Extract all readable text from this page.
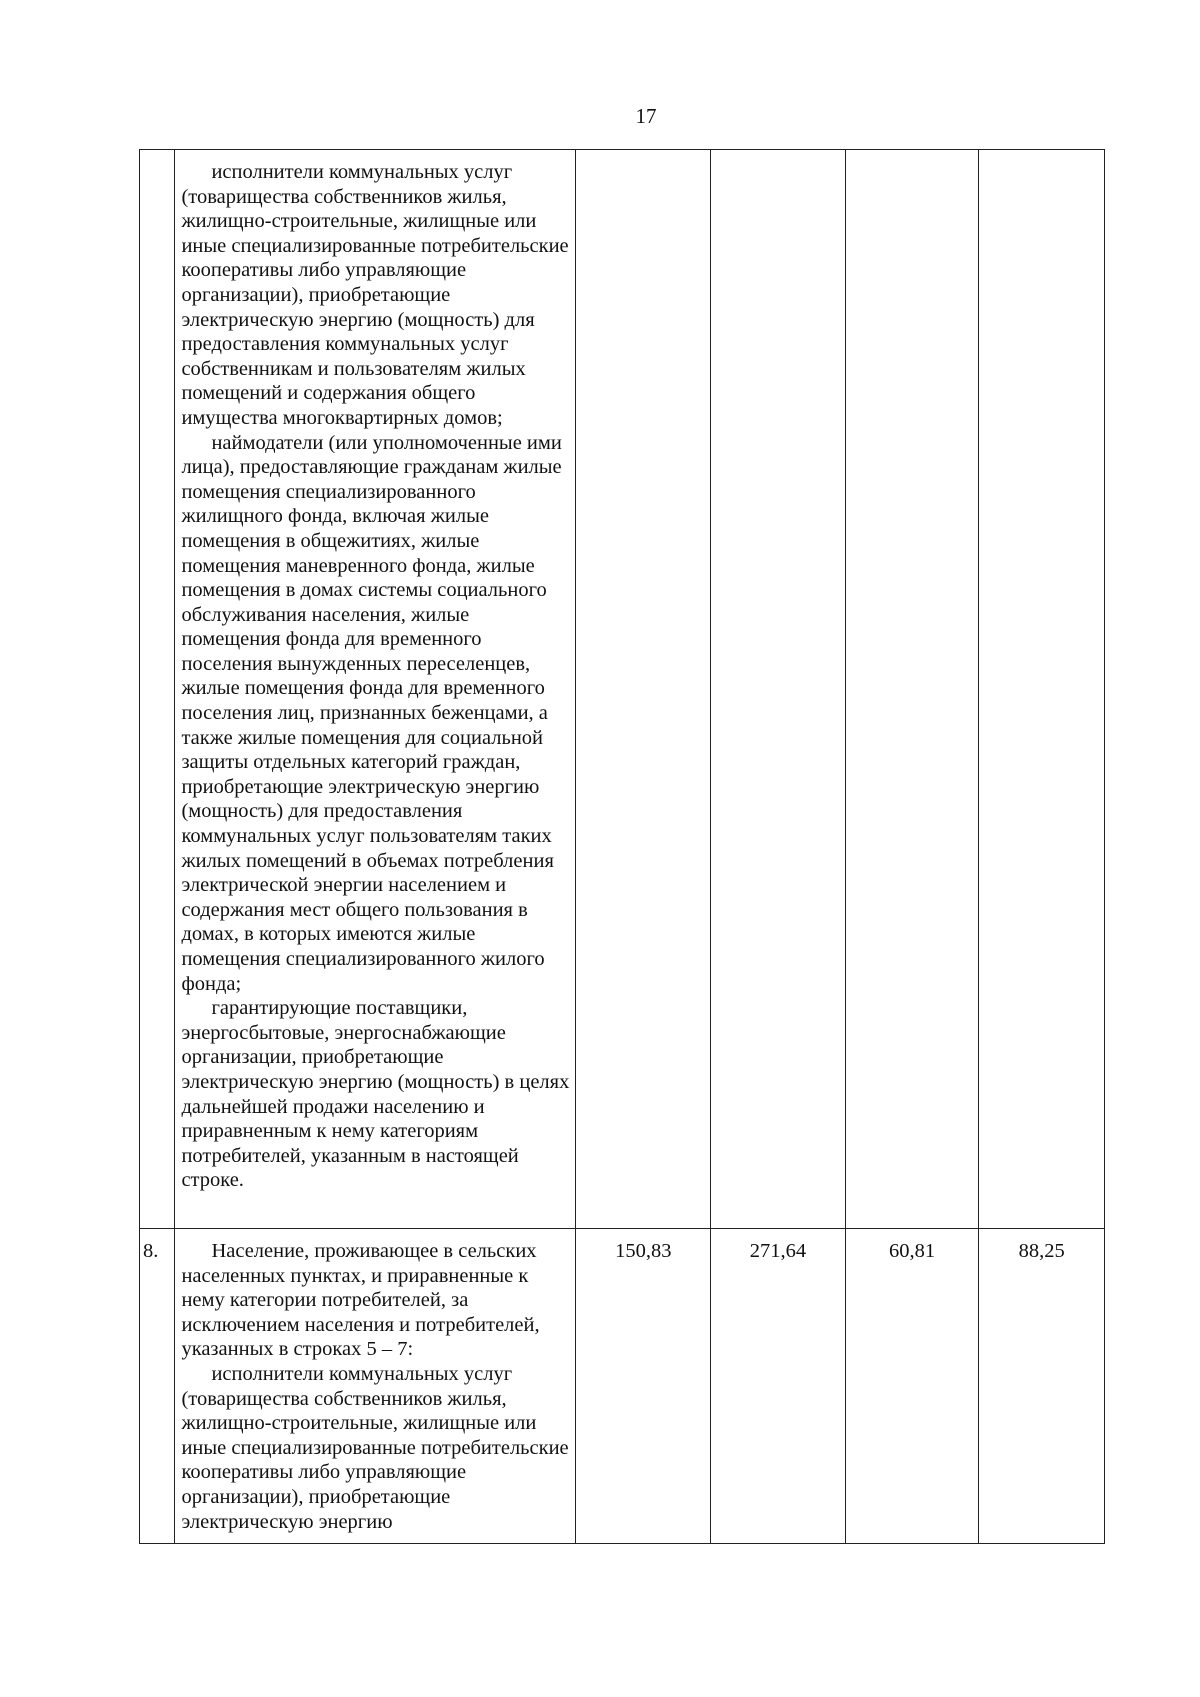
17

	исполнители коммунальных услуг (товарищества собственников жилья, жилищно-строительные, жилищные или иные специализированные потребительские кооперативы либо управляющие организации), приобретающие электрическую энергию (мощность) для предоставления коммунальных услуг собственникам и пользователям жилых помещений и содержания общего имущества многоквартирных домов;

наймодатели (или уполномоченные ими лица), предоставляющие гражданам жилые помещения специализированного жилищного фонда, включая жилые помещения в общежитиях, жилые помещения маневренного фонда, жилые помещения в домах системы социального обслуживания населения, жилые помещения фонда для временного поселения вынужденных переселенцев, жилые помещения фонда для временного поселения лиц, признанных беженцами, а также жилые помещения для социальной защиты отдельных категорий граждан, приобретающие электрическую энергию (мощность) для предоставления коммунальных услуг пользователям таких жилых помещений в объемах потребления электрической энергии населением и содержания мест общего пользования в домах, в которых имеются жилые помещения специализированного жилого фонда;

гарантирующие поставщики, энергосбытовые, энергоснабжающие организации, приобретающие электрическую энергию (мощность) в целях дальнейшей продажи населению и приравненным к нему категориям потребителей, указанным в настоящей строке.				

8.	Население, проживающее в сельских населенных пунктах, и приравненные к нему категории потребителей, за исключением населения и потребителей, указанных в строках 5 – 7:

исполнители коммунальных услуг (товарищества собственников жилья, жилищно-строительные, жилищные или иные специализированные потребительские кооперативы либо управляющие организации), приобретающие электрическую энергию	150,83	271,64	60,81	88,25
